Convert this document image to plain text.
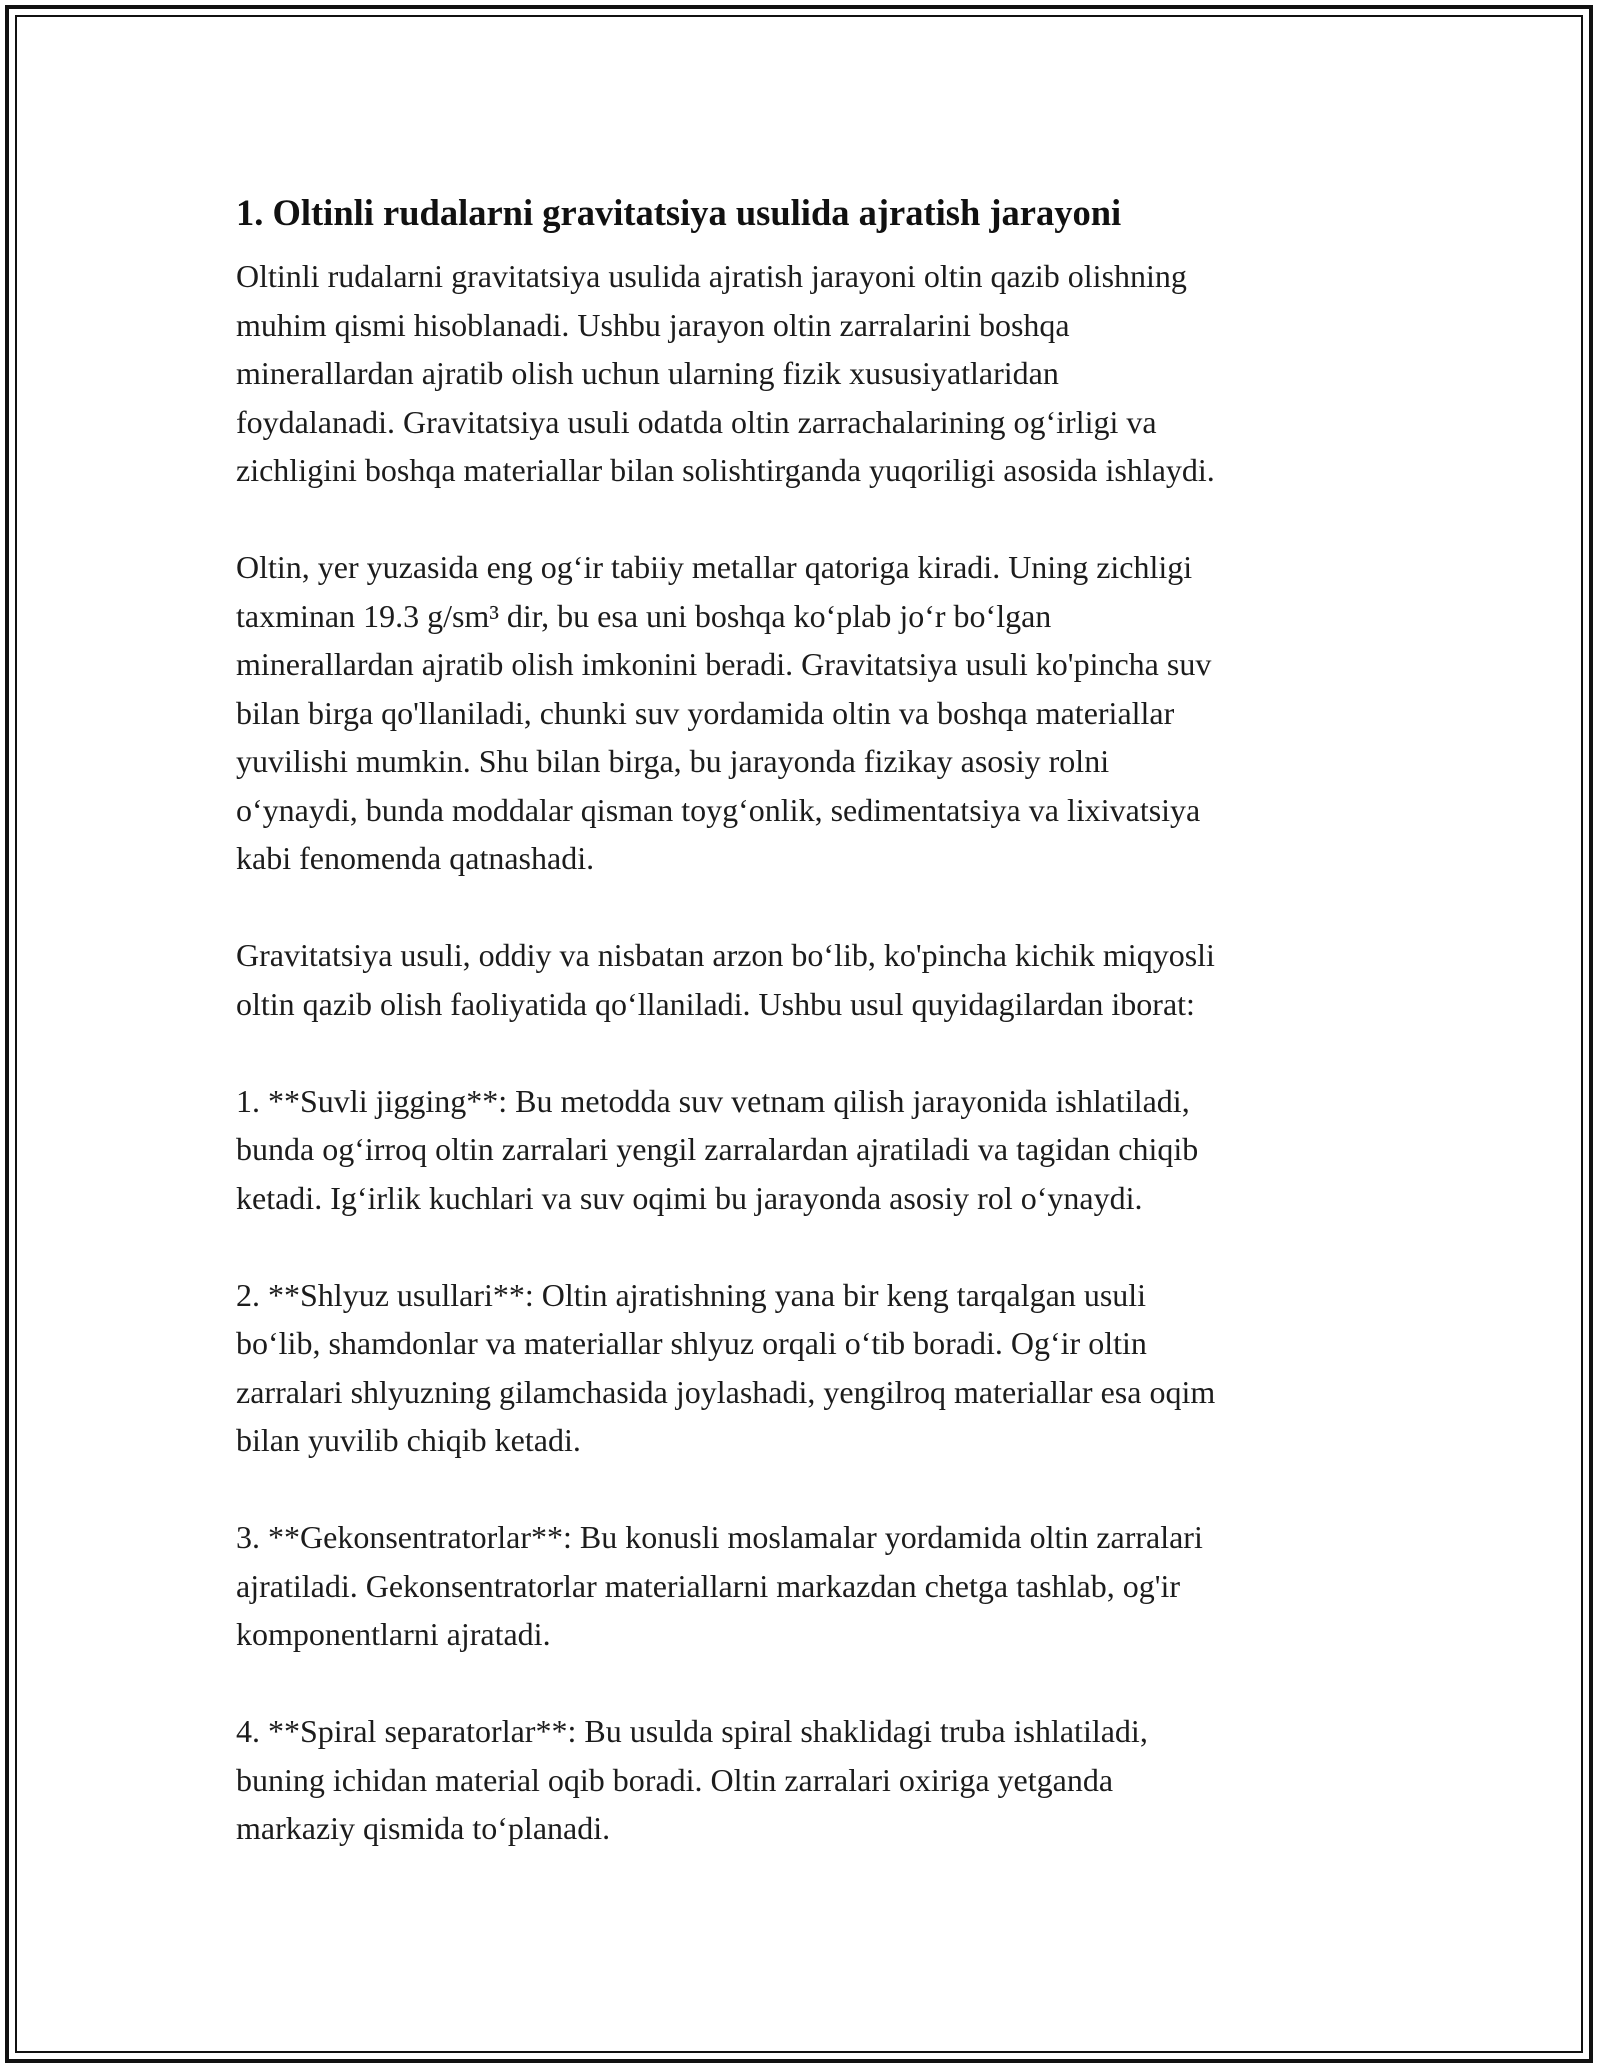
1. Oltinli rudalarni gravitatsiya usulida ajratish jarayoni

Oltinli rudalarni gravitatsiya usulida ajratish jarayoni oltin qazib olishning
muhim qismi hisoblanadi. Ushbu jarayon oltin zarralarini boshqa
minerallardan ajratib olish uchun ularning fizik xususiyatlaridan
foydalanadi. Gravitatsiya usuli odatda oltin zarrachalarining og‘irligi va
zichligini boshqa materiallar bilan solishtirganda yuqoriligi asosida ishlaydi.

Oltin, yer yuzasida eng og‘ir tabiiy metallar qatoriga kiradi. Uning zichligi
taxminan 19.3 g/sm³ dir, bu esa uni boshqa ko‘plab jo‘r bo‘lgan
minerallardan ajratib olish imkonini beradi. Gravitatsiya usuli ko'pincha suv
bilan birga qo'llaniladi, chunki suv yordamida oltin va boshqa materiallar
yuvilishi mumkin. Shu bilan birga, bu jarayonda fizikay asosiy rolni
o‘ynaydi, bunda moddalar qisman toyg‘onlik, sedimentatsiya va lixivatsiya
kabi fenomenda qatnashadi.

Gravitatsiya usuli, oddiy va nisbatan arzon bo‘lib, ko'pincha kichik miqyosli
oltin qazib olish faoliyatida qo‘llaniladi. Ushbu usul quyidagilardan iborat:

1. **Suvli jigging**: Bu metodda suv vetnam qilish jarayonida ishlatiladi,
bunda og‘irroq oltin zarralari yengil zarralardan ajratiladi va tagidan chiqib
ketadi. Ig‘irlik kuchlari va suv oqimi bu jarayonda asosiy rol o‘ynaydi.

2. **Shlyuz usullari**: Oltin ajratishning yana bir keng tarqalgan usuli
bo‘lib, shamdonlar va materiallar shlyuz orqali o‘tib boradi. Og‘ir oltin
zarralari shlyuzning gilamchasida joylashadi, yengilroq materiallar esa oqim
bilan yuvilib chiqib ketadi.

3. **Gekonsentratorlar**: Bu konusli moslamalar yordamida oltin zarralari
ajratiladi. Gekonsentratorlar materiallarni markazdan chetga tashlab, og'ir
komponentlarni ajratadi.

4. **Spiral separatorlar**: Bu usulda spiral shaklidagi truba ishlatiladi,
buning ichidan material oqib boradi. Oltin zarralari oxiriga yetganda
markaziy qismida to‘planadi.
